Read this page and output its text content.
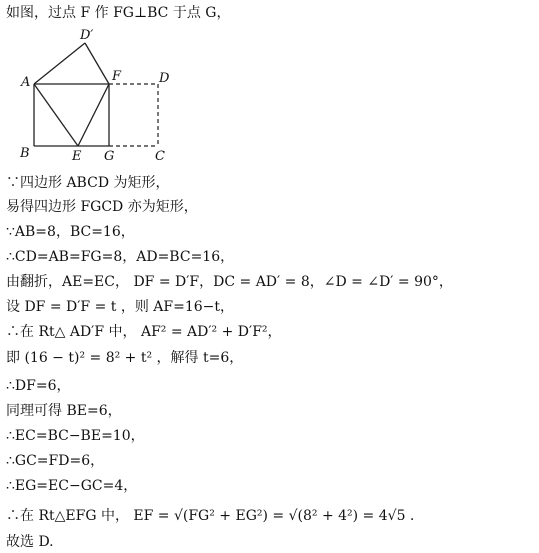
如图，过点 F 作 FG⊥BC 于点 G，
D′
A	F	D
B	E G	C
∵四边形 ABCD 为矩形，
易得四边形 FGCD 亦为矩形，
∵AB=8，BC=16，
∴CD=AB=FG=8，AD=BC=16，
由翻折，AE=EC， DF = D′F，DC = AD′ = 8，∠D = ∠D′ = 90°，
设 DF = D′F = t ，则 AF=16−t，
∴在 Rt△ AD′F 中， AF² = AD′² + D′F²，
即 (16 − t)² = 8² + t² ，解得 t=6，
∴DF=6，
同理可得 BE=6，
∴EC=BC−BE=10，
∴GC=FD=6，
∴EG=EC−GC=4，
∴在 Rt△EFG 中， EF = √(FG² + EG²) = √(8² + 4²) = 4√5 .
故选 D.
